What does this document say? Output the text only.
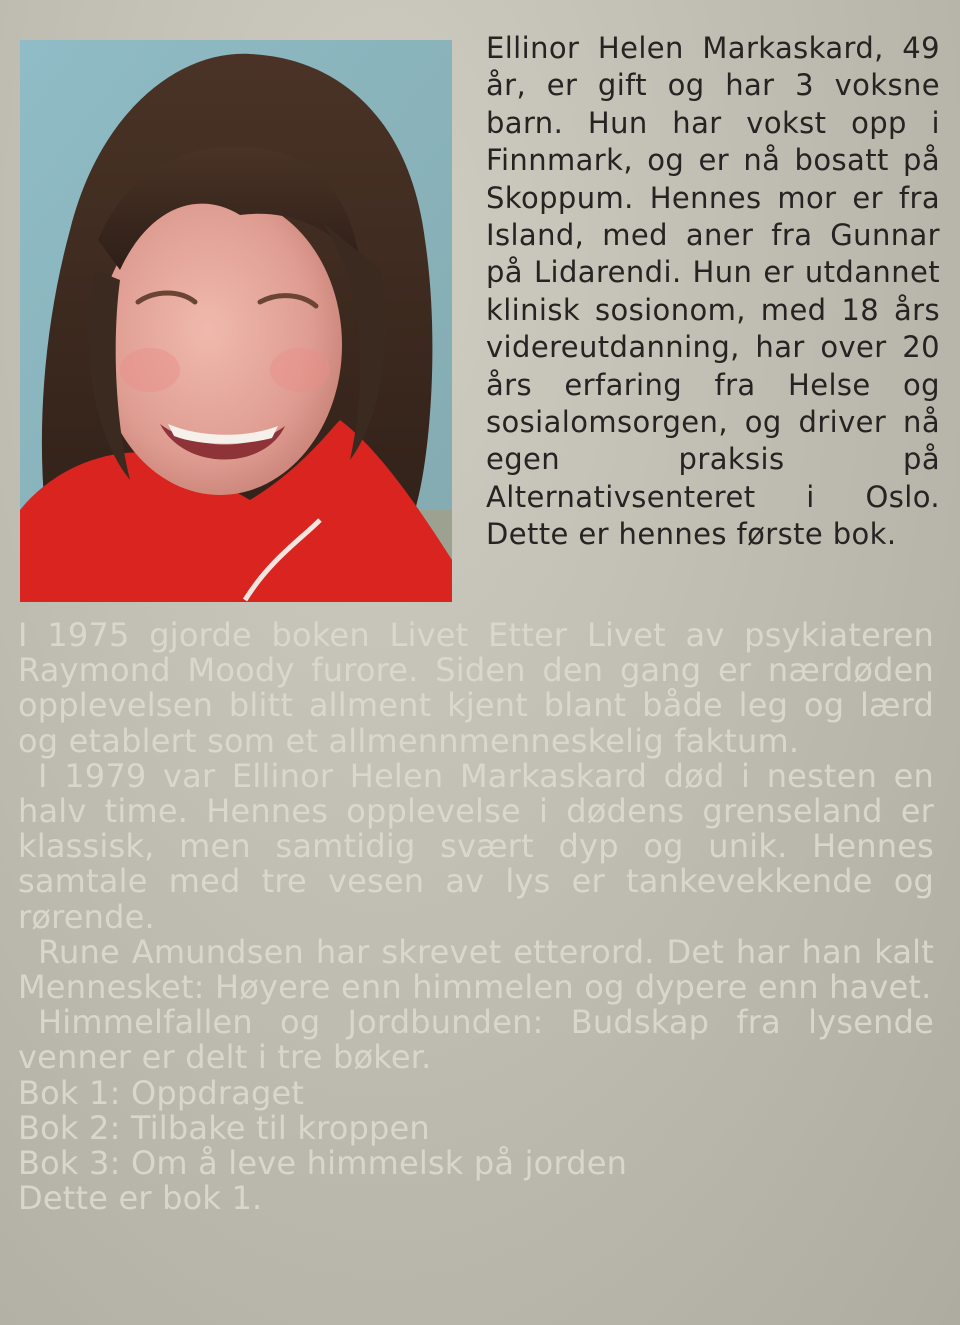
Ellinor Helen Markaskard, 49 år, er gift og har 3 voksne barn. Hun har vokst opp i Finnmark, og er nå bosatt på Skoppum. Hennes mor er fra Island, med aner fra Gunnar på Lidarendi. Hun er utdannet klinisk sosionom, med 18 års videreutdanning, har over 20 års erfaring fra Helse og sosialomsorgen, og driver nå egen praksis på Alternativsenteret i Oslo. Dette er hennes første bok.

I 1975 gjorde boken Livet Etter Livet av psykiateren Raymond Moody furore. Siden den gang er nærdøden opplevelsen blitt allment kjent blant både leg og lærd og etablert som et allmennmenneskelig faktum.

I 1979 var Ellinor Helen Markaskard død i nesten en halv time. Hennes opplevelse i dødens grenseland er klassisk, men samtidig svært dyp og unik. Hennes samtale med tre vesen av lys er tankevekkende og rørende.

Rune Amundsen har skrevet etterord. Det har han kalt Mennesket: Høyere enn himmelen og dypere enn havet.

Himmelfallen og Jordbunden: Budskap fra lysende venner er delt i tre bøker.

Bok 1: Oppdraget
Bok 2: Tilbake til kroppen
Bok 3: Om å leve himmelsk på jorden

Dette er bok 1.
